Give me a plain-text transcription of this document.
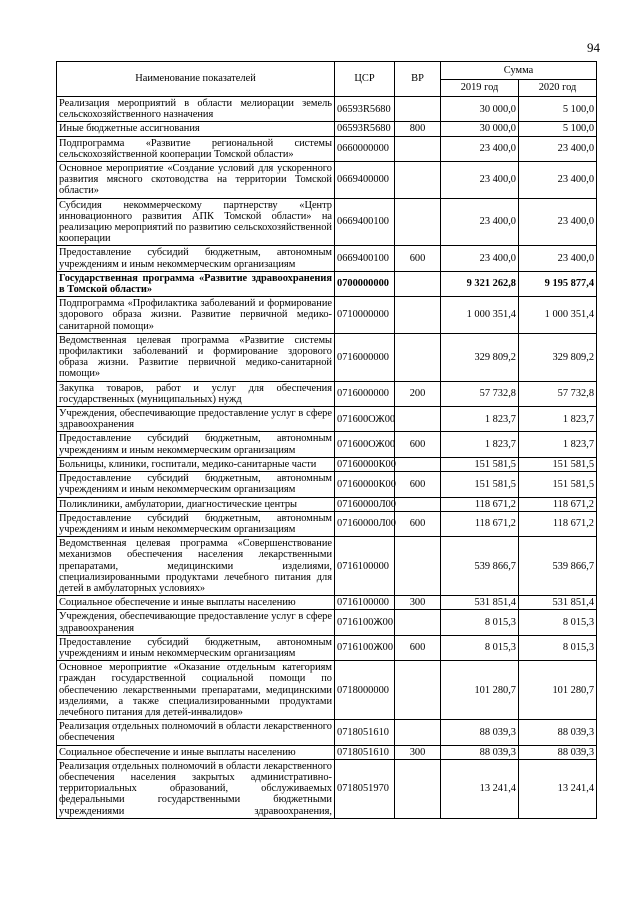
94
Наименование показателей	ЦСР	ВР	Сумма	
			2019 год	2020 год
Реализация мероприятий в области мелиорации земель сельскохозяйственного назначения	06593R5680		30 000,0	5 100,0
Иные бюджетные ассигнования	06593R5680	800	30 000,0	5 100,0
Подпрограмма «Развитие региональной системы сельскохозяйственной кооперации Томской области»	0660000000		23 400,0	23 400,0
Основное мероприятие «Создание условий для ускоренного развития мясного скотоводства на территории Томской области»	0669400000		23 400,0	23 400,0
Субсидия некоммерческому партнерству «Центр инновационного развития АПК Томской области» на реализацию мероприятий по развитию сельскохозяйственной кооперации	0669400100		23 400,0	23 400,0
Предоставление субсидий бюджетным, автономным учреждениям и иным некоммерческим организациям	0669400100	600	23 400,0	23 400,0
Государственная программа «Развитие здравоохранения в Томской области»	0700000000		9 321 262,8	9 195 877,4
Подпрограмма «Профилактика заболеваний и формирование здорового образа жизни. Развитие первичной медико-санитарной помощи»	0710000000		1 000 351,4	1 000 351,4
Ведомственная целевая программа «Развитие системы профилактики заболеваний и формирование здорового образа жизни. Развитие первичной медико-санитарной помощи»	0716000000		329 809,2	329 809,2
Закупка товаров, работ и услуг для обеспечения государственных (муниципальных) нужд	0716000000	200	57 732,8	57 732,8
Учреждения, обеспечивающие предоставление услуг в сфере здравоохранения	071600ОЖ00		1 823,7	1 823,7
Предоставление субсидий бюджетным, автономным учреждениям и иным некоммерческим организациям	071600ОЖ00	600	1 823,7	1 823,7
Больницы, клиники, госпитали, медико-санитарные части	07160000К00		151 581,5	151 581,5
Предоставление субсидий бюджетным, автономным учреждениям и иным некоммерческим организациям	07160000К00	600	151 581,5	151 581,5
Поликлиники, амбулатории, диагностические центры	07160000Л00		118 671,2	118 671,2
Предоставление субсидий бюджетным, автономным учреждениям и иным некоммерческим организациям	07160000Л00	600	118 671,2	118 671,2
Ведомственная целевая программа «Совершенствование механизмов обеспечения населения лекарственными препаратами, медицинскими изделиями, специализированными продуктами лечебного питания для детей в амбулаторных условиях»	0716100000		539 866,7	539 866,7
Социальное обеспечение и иные выплаты населению	0716100000	300	531 851,4	531 851,4
Учреждения, обеспечивающие предоставление услуг в сфере здравоохранения	0716100Ж00		8 015,3	8 015,3
Предоставление субсидий бюджетным, автономным учреждениям и иным некоммерческим организациям	0716100Ж00	600	8 015,3	8 015,3
Основное мероприятие «Оказание отдельным категориям граждан государственной социальной помощи по обеспечению лекарственными препаратами, медицинскими изделиями, а также специализированными продуктами лечебного питания для детей-инвалидов»	0718000000		101 280,7	101 280,7
Реализация отдельных полномочий в области лекарственного обеспечения	0718051610		88 039,3	88 039,3
Социальное обеспечение и иные выплаты населению	0718051610	300	88 039,3	88 039,3
Реализация отдельных полномочий в области лекарственного обеспечения населения закрытых административно-территориальных образований, обслуживаемых федеральными государственными бюджетными учреждениями здравоохранения,	0718051970		13 241,4	13 241,4
